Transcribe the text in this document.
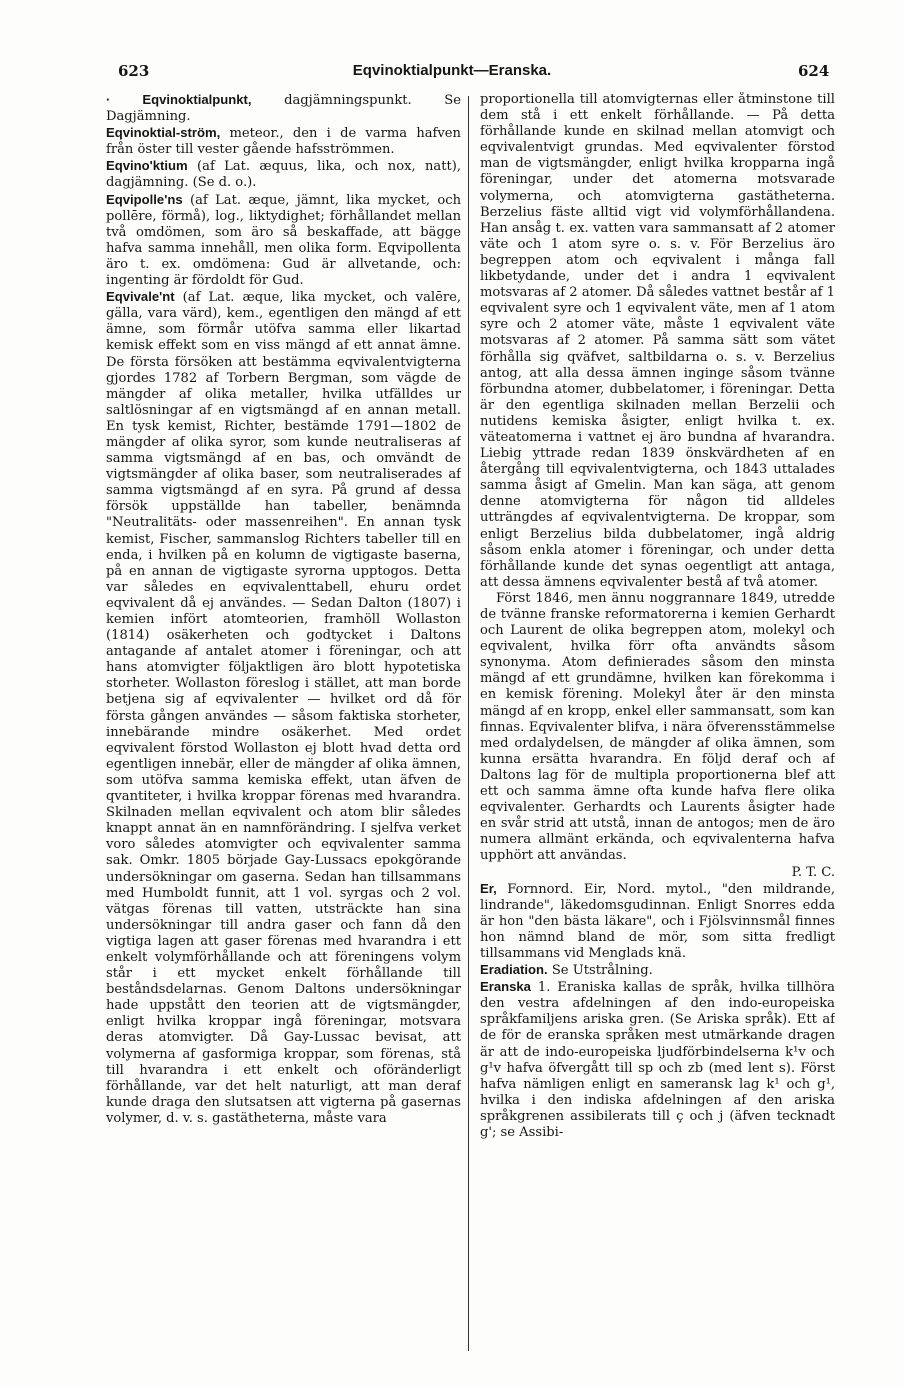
623	Eqvinoktialpunkt—Eranska.	624

· Eqvinoktialpunkt, dagjämningspunkt. Se Dagjämning.

Eqvinoktial-ström, meteor., den i de varma hafven från öster till vester gående hafsströmmen.

Eqvino'ktium (af Lat. æquus, lika, och nox, natt), dagjämning. (Se d. o.).

Eqvipolle'ns (af Lat. æque, jämnt, lika mycket, och pollēre, förmå), log., liktydighet; förhållandet mellan två omdömen, som äro så beskaffade, att bägge hafva samma innehåll, men olika form. Eqvipollenta äro t. ex. omdömena: Gud är allvetande, och: ingenting är fördoldt för Gud.

Eqvivale'nt (af Lat. æque, lika mycket, och valēre, gälla, vara värd), kem., egentligen den mängd af ett ämne, som förmår utöfva samma eller likartad kemisk effekt som en viss mängd af ett annat ämne. De första försöken att bestämma eqvivalentvigterna gjordes 1782 af Torbern Bergman, som vägde de mängder af olika metaller, hvilka utfälldes ur saltlösningar af en vigtsmängd af en annan metall. En tysk kemist, Richter, bestämde 1791—1802 de mängder af olika syror, som kunde neutraliseras af samma vigtsmängd af en bas, och omvändt de vigtsmängder af olika baser, som neutraliserades af samma vigtsmängd af en syra. På grund af dessa försök uppställde han tabeller, benämnda "Neutralitäts- oder massenreihen". En annan tysk kemist, Fischer, sammanslog Richters tabeller till en enda, i hvilken på en kolumn de vigtigaste baserna, på en annan de vigtigaste syrorna upptogos. Detta var således en eqvivalenttabell, ehuru ordet eqvivalent då ej användes. — Sedan Dalton (1807) i kemien infört atomteorien, framhöll Wollaston (1814) osäkerheten och godtycket i Daltons antagande af antalet atomer i föreningar, och att hans atomvigter följaktligen äro blott hypotetiska storheter. Wollaston föreslog i stället, att man borde betjena sig af eqvivalenter — hvilket ord då för första gången användes — såsom faktiska storheter, innebärande mindre osäkerhet. Med ordet eqvivalent förstod Wollaston ej blott hvad detta ord egentligen innebär, eller de mängder af olika ämnen, som utöfva samma kemiska effekt, utan äfven de qvantiteter, i hvilka kroppar förenas med hvarandra. Skilnaden mellan eqvivalent och atom blir således knappt annat än en namnförändring. I sjelfva verket voro således atomvigter och eqvivalenter samma sak. Omkr. 1805 började Gay-Lussacs epokgörande undersökningar om gaserna. Sedan han tillsammans med Humboldt funnit, att 1 vol. syrgas och 2 vol. vätgas förenas till vatten, utsträckte han sina undersökningar till andra gaser och fann då den vigtiga lagen att gaser förenas med hvarandra i ett enkelt volymförhållande och att föreningens volym står i ett mycket enkelt förhållande till beståndsdelarnas. Genom Daltons undersökningar hade uppstått den teorien att de vigtsmängder, enligt hvilka kroppar ingå föreningar, motsvara deras atomvigter. Då Gay-Lussac bevisat, att volymerna af gasformiga kroppar, som förenas, stå till hvarandra i ett enkelt och oföränderligt förhållande, var det helt naturligt, att man deraf kunde draga den slutsatsen att vigterna på gasernas volymer, d. v. s. gastätheterna, måste vara

proportionella till atomvigternas eller åtminstone till dem stå i ett enkelt förhållande. — På detta förhållande kunde en skilnad mellan atomvigt och eqvivalentvigt grundas. Med eqvivalenter förstod man de vigtsmängder, enligt hvilka kropparna ingå föreningar, under det atomerna motsvarade volymerna, och atomvigterna gastätheterna. Berzelius fäste alltid vigt vid volymförhållandena. Han ansåg t. ex. vatten vara sammansatt af 2 atomer väte och 1 atom syre o. s. v. För Berzelius äro begreppen atom och eqvivalent i många fall likbetydande, under det i andra 1 eqvivalent motsvaras af 2 atomer. Då således vattnet består af 1 eqvivalent syre och 1 eqvivalent väte, men af 1 atom syre och 2 atomer väte, måste 1 eqvivalent väte motsvaras af 2 atomer. På samma sätt som vätet förhålla sig qväfvet, saltbildarna o. s. v. Berzelius antog, att alla dessa ämnen inginge såsom tvänne förbundna atomer, dubbelatomer, i föreningar. Detta är den egentliga skilnaden mellan Berzelii och nutidens kemiska åsigter, enligt hvilka t. ex. väteatomerna i vattnet ej äro bundna af hvarandra. Liebig yttrade redan 1839 önskvärdheten af en återgång till eqvivalentvigterna, och 1843 uttalades samma åsigt af Gmelin. Man kan säga, att genom denne atomvigterna för någon tid alldeles utträngdes af eqvivalentvigterna. De kroppar, som enligt Berzelius bilda dubbelatomer, ingå aldrig såsom enkla atomer i föreningar, och under detta förhållande kunde det synas oegentligt att antaga, att dessa ämnens eqvivalenter bestå af två atomer.

Först 1846, men ännu noggrannare 1849, utredde de tvänne franske reformatorerna i kemien Gerhardt och Laurent de olika begreppen atom, molekyl och eqvivalent, hvilka förr ofta användts såsom synonyma. Atom definierades såsom den minsta mängd af ett grundämne, hvilken kan förekomma i en kemisk förening. Molekyl åter är den minsta mängd af en kropp, enkel eller sammansatt, som kan finnas. Eqvivalenter blifva, i nära öfverensstämmelse med ordalydelsen, de mängder af olika ämnen, som kunna ersätta hvarandra. En följd deraf och af Daltons lag för de multipla proportionerna blef att ett och samma ämne ofta kunde hafva flere olika eqvivalenter. Gerhardts och Laurents åsigter hade en svår strid att utstå, innan de antogos; men de äro numera allmänt erkända, och eqvivalenterna hafva upphört att användas.

P. T. C.

Er, Fornnord. Eir, Nord. mytol., "den mildrande, lindrande", läkedomsgudinnan. Enligt Snorres edda är hon "den bästa läkare", och i Fjölsvinnsmål finnes hon nämnd bland de mör, som sitta fredligt tillsammans vid Menglads knä.

Eradiation. Se Utstrålning.

Eranska 1. Eraniska kallas de språk, hvilka tillhöra den vestra afdelningen af den indo-europeiska språkfamiljens ariska gren. (Se Ariska språk). Ett af de för de eranska språken mest utmärkande dragen är att de indo-europeiska ljudförbindelserna k¹v och g¹v hafva öfvergått till sp och zb (med lent s). Först hafva nämligen enligt en sameransk lag k¹ och g¹, hvilka i den indiska afdelningen af den ariska språkgrenen assibilerats till ç och j (äfven tecknadt g'; se Assibi-
